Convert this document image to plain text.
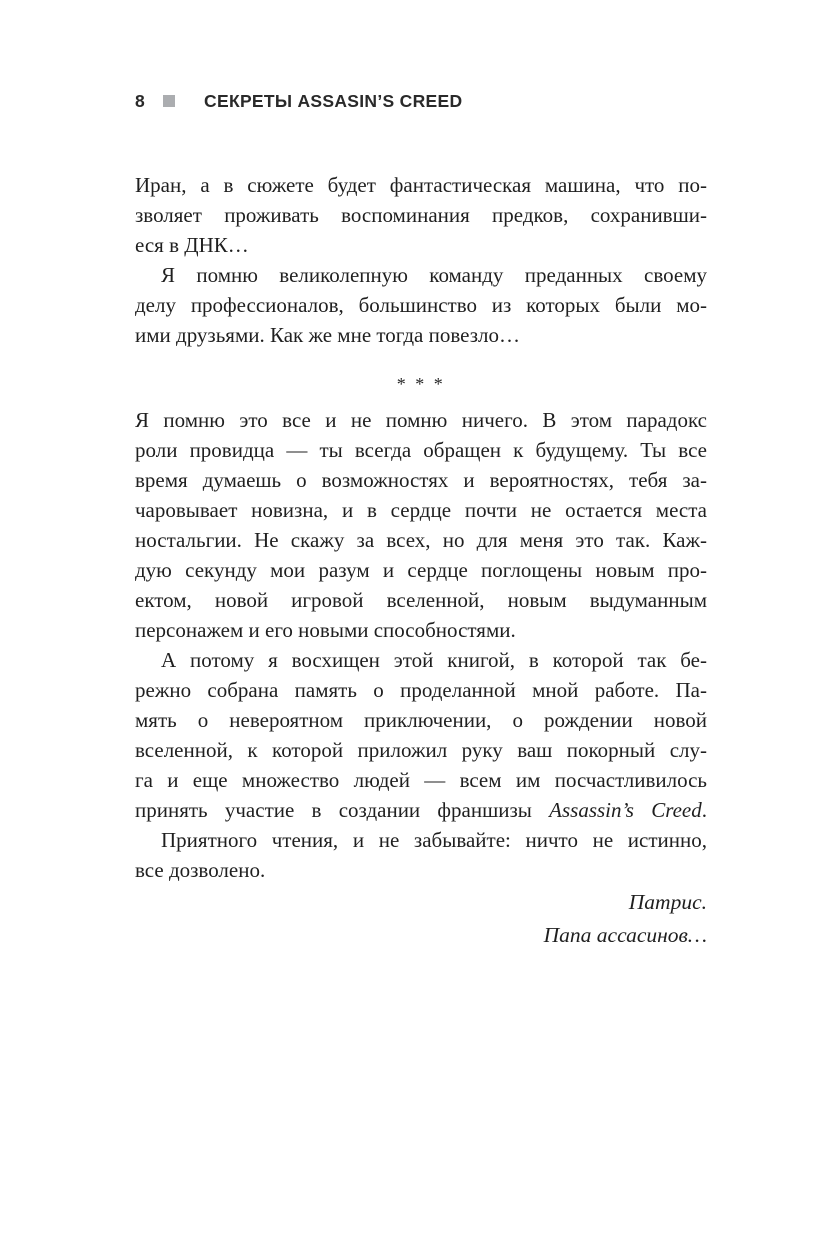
8	СЕКРЕТЫ ASSASIN’S CREED
Иран, а в сюжете будет фантастическая машина, что по-
зволяет проживать воспоминания предков, сохранивши-
еся в ДНК…
Я помню великолепную команду преданных своему
делу профессионалов, большинство из которых были мо-
ими друзьями. Как же мне тогда повезло…
* * *
Я помню это все и не помню ничего. В этом парадокс
роли провидца — ты всегда обращен к будущему. Ты все
время думаешь о возможностях и вероятностях, тебя за-
чаровывает новизна, и в сердце почти не остается места
ностальгии. Не скажу за всех, но для меня это так. Каж-
дую секунду мои разум и сердце поглощены новым про-
ектом, новой игровой вселенной, новым выдуманным
персонажем и его новыми способностями.
А потому я восхищен этой книгой, в которой так бе-
режно собрана память о проделанной мной работе. Па-
мять о невероятном приключении, о рождении новой
вселенной, к которой приложил руку ваш покорный слу-
га и еще множество людей — всем им посчастливилось
принять участие в создании франшизы Assassin’s Creed.
Приятного чтения, и не забывайте: ничто не истинно,
все дозволено.
Патрис.
Папа ассасинов…
